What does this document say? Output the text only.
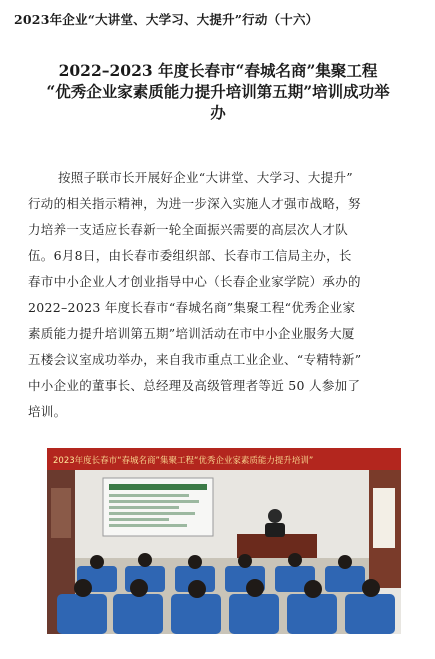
2023年企业“大讲堂、大学习、大提升”行动（十六）
2022–2023 年度长春市“春城名商”集聚工程
“优秀企业家素质能力提升培训第五期”培训成功举
办
按照子联市长开展好企业“大讲堂、大学习、大提升”
行动的相关指示精神，为进一步深入实施人才强市战略，努
力培养一支适应长春新一轮全面振兴需要的高层次人才队
伍。6月8日，由长春市委组织部、长春市工信局主办，长
春市中小企业人才创业指导中心（长春企业家学院）承办的
2022–2023 年度长春市“春城名商”集聚工程“优秀企业家
素质能力提升培训第五期”培训活动在市中小企业服务大厦
五楼会议室成功举办，来自我市重点工业企业、“专精特新”
中小企业的董事长、总经理及高级管理者等近 50 人参加了
培训。
2023年度长春市“春城名商”集聚工程“优秀企业家素质能力提升培训”
